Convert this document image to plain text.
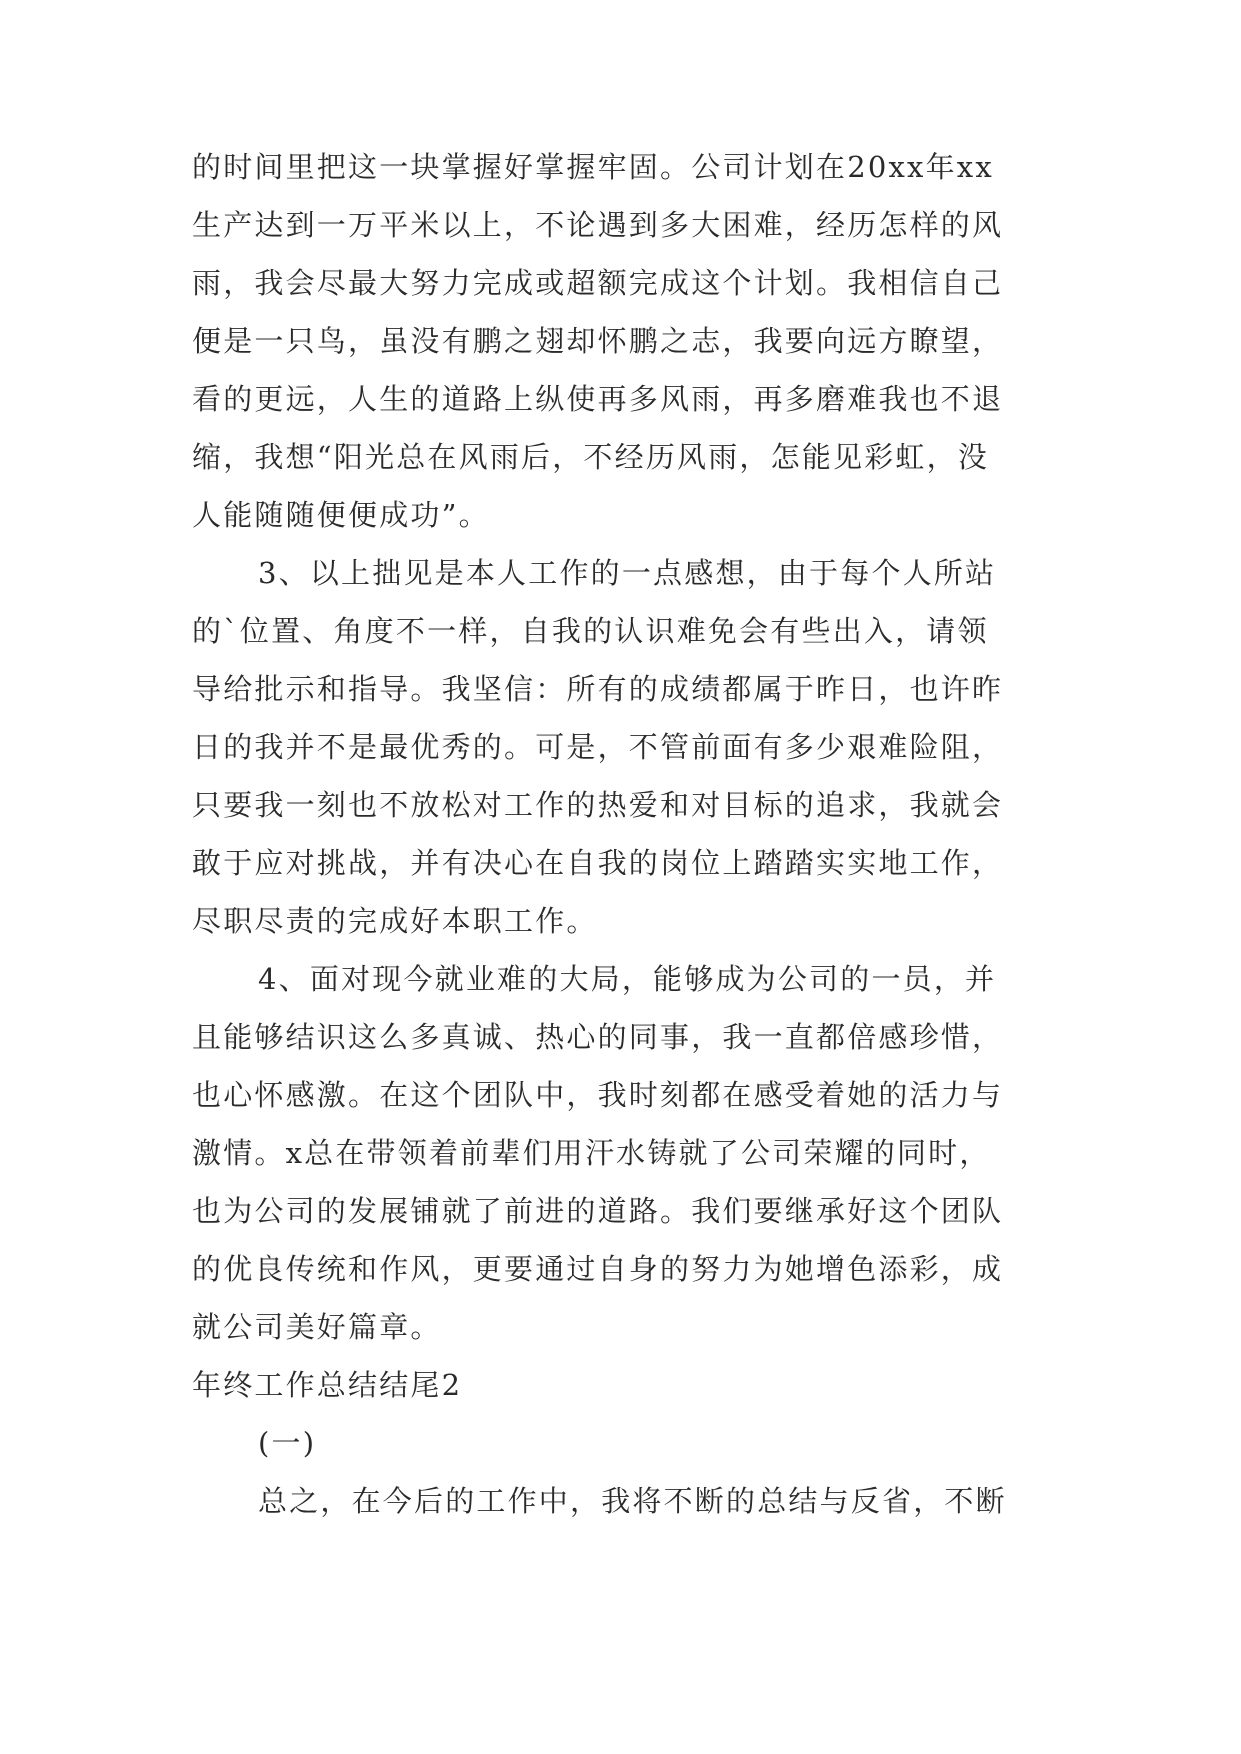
的时间里把这一块掌握好掌握牢固。公司计划在20xx年xx
生产达到一万平米以上，不论遇到多大困难，经历怎样的风
雨，我会尽最大努力完成或超额完成这个计划。我相信自己
便是一只鸟，虽没有鹏之翅却怀鹏之志，我要向远方瞭望，
看的更远，人生的道路上纵使再多风雨，再多磨难我也不退
缩，我想“阳光总在风雨后，不经历风雨，怎能见彩虹，没
人能随随便便成功”。
3、以上拙见是本人工作的一点感想，由于每个人所站
的`位置、角度不一样，自我的认识难免会有些出入，请领
导给批示和指导。我坚信：所有的成绩都属于昨日，也许昨
日的我并不是最优秀的。可是，不管前面有多少艰难险阻，
只要我一刻也不放松对工作的热爱和对目标的追求，我就会
敢于应对挑战，并有决心在自我的岗位上踏踏实实地工作，
尽职尽责的完成好本职工作。
4、面对现今就业难的大局，能够成为公司的一员，并
且能够结识这么多真诚、热心的同事，我一直都倍感珍惜，
也心怀感激。在这个团队中，我时刻都在感受着她的活力与
激情。x总在带领着前辈们用汗水铸就了公司荣耀的同时，
也为公司的发展铺就了前进的道路。我们要继承好这个团队
的优良传统和作风，更要通过自身的努力为她增色添彩，成
就公司美好篇章。
年终工作总结结尾2
(一)
总之，在今后的工作中，我将不断的总结与反省，不断
